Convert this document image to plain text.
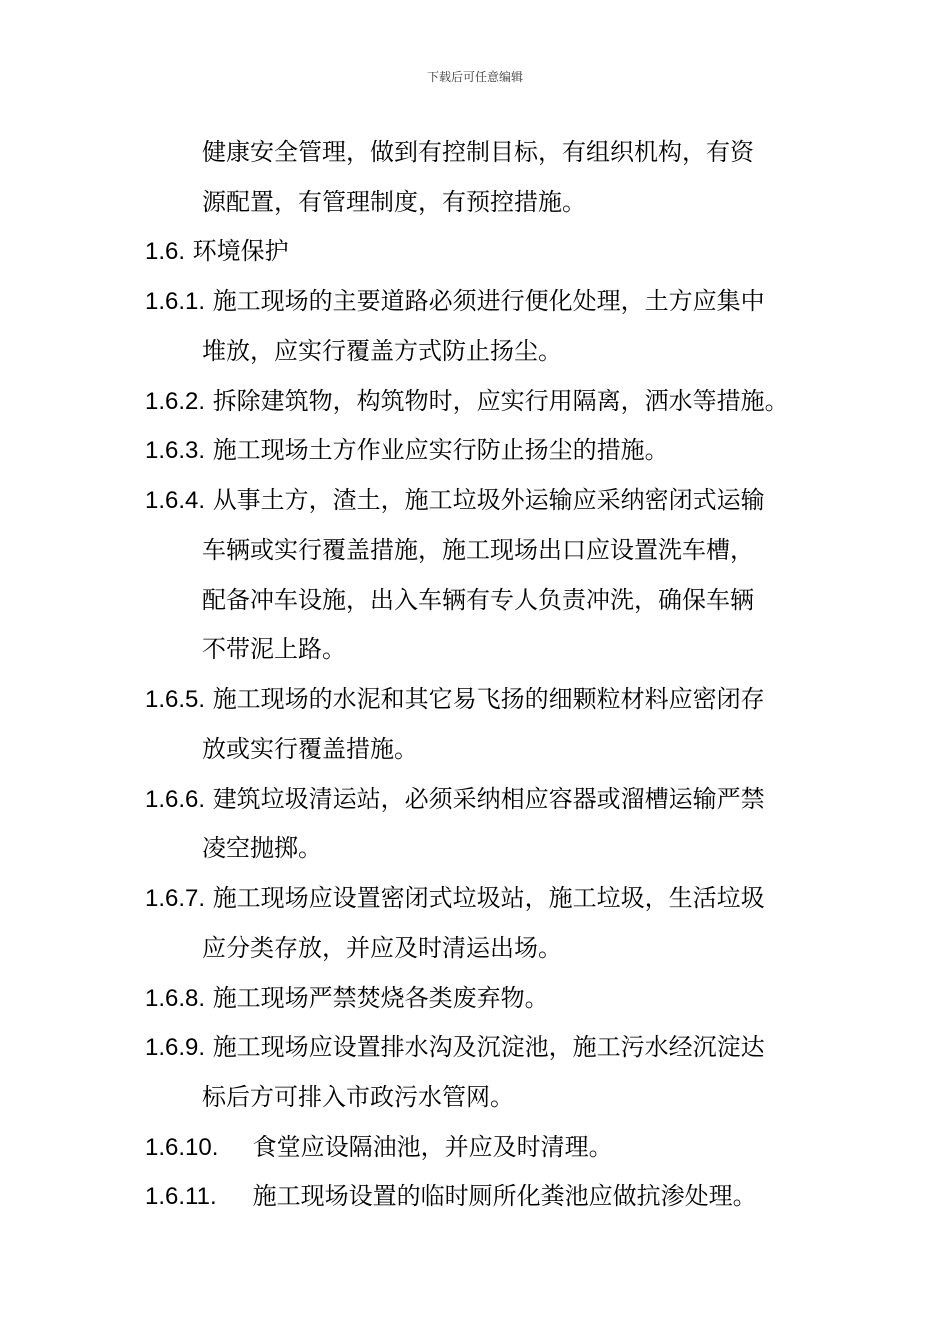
下载后可任意编辑
健康安全管理，做到有控制目标，有组织机构，有资
源配置，有管理制度，有预控措施。
1.6. 环境保护
1.6.1. 施工现场的主要道路必须进行便化处理，土方应集中
堆放，应实行覆盖方式防止扬尘。
1.6.2. 拆除建筑物，构筑物时，应实行用隔离，洒水等措施。
1.6.3. 施工现场土方作业应实行防止扬尘的措施。
1.6.4. 从事土方，渣土，施工垃圾外运输应采纳密闭式运输
车辆或实行覆盖措施，施工现场出口应设置洗车槽，
配备冲车设施，出入车辆有专人负责冲洗，确保车辆
不带泥上路。
1.6.5. 施工现场的水泥和其它易飞扬的细颗粒材料应密闭存
放或实行覆盖措施。
1.6.6. 建筑垃圾清运站，必须采纳相应容器或溜槽运输严禁
凌空抛掷。
1.6.7. 施工现场应设置密闭式垃圾站，施工垃圾，生活垃圾
应分类存放，并应及时清运出场。
1.6.8. 施工现场严禁焚烧各类废弃物。
1.6.9. 施工现场应设置排水沟及沉淀池，施工污水经沉淀达
标后方可排入市政污水管网。
1.6.10. 食堂应设隔油池，并应及时清理。
1.6.11. 施工现场设置的临时厕所化粪池应做抗渗处理。
